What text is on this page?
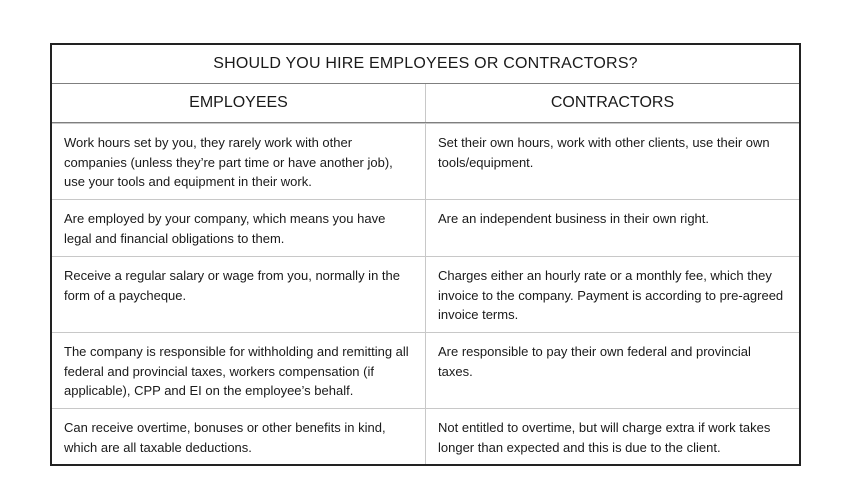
SHOULD YOU HIRE EMPLOYEES OR CONTRACTORS?
EMPLOYEES	CONTRACTORS
Work hours set by you, they rarely work with other companies (unless they’re part time or have another job), use your tools and equipment in their work.
Set their own hours, work with other clients, use their own tools/equipment.
Are employed by your company, which means you have legal and financial obligations to them.
Are an independent business in their own right.
Receive a regular salary or wage from you, normally in the form of a paycheque.
Charges either an hourly rate or a monthly fee, which they invoice to the company. Payment is according to pre-agreed invoice terms.
The company is responsible for withholding and remitting all federal and provincial taxes, workers compensation (if applicable), CPP and EI on the employee’s behalf.
Are responsible to pay their own federal and provincial taxes.
Can receive overtime, bonuses or other benefits in kind, which are all taxable deductions.
Not entitled to overtime, but will charge extra if work takes longer than expected and this is due to the client.
